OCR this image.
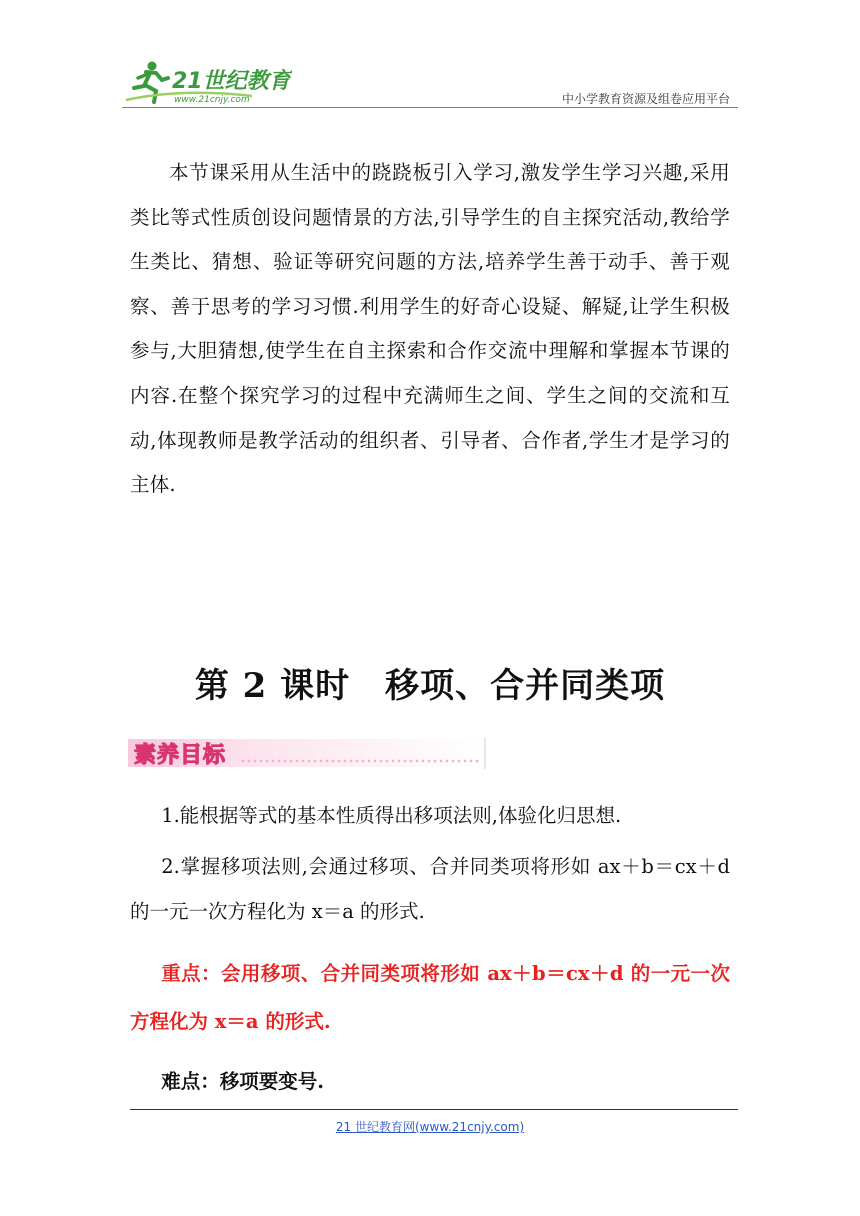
21世纪教育
www.21cnjy.com	中小学教育资源及组卷应用平台
本节课采用从生活中的跷跷板引入学习,激发学生学习兴趣,采用类比等式性质创设问题情景的方法,引导学生的自主探究活动,教给学生类比、猜想、验证等研究问题的方法,培养学生善于动手、善于观察、善于思考的学习习惯.利用学生的好奇心设疑、解疑,让学生积极参与,大胆猜想,使学生在自主探索和合作交流中理解和掌握本节课的内容.在整个探究学习的过程中充满师生之间、学生之间的交流和互动,体现教师是教学活动的组织者、引导者、合作者,学生才是学习的主体.
第 2 课时　移项、合并同类项
素养目标
1.能根据等式的基本性质得出移项法则,体验化归思想.
2.掌握移项法则,会通过移项、合并同类项将形如 ax＋b＝cx＋d 的一元一次方程化为 x＝a 的形式.
重点：会用移项、合并同类项将形如 ax＋b＝cx＋d 的一元一次方程化为 x＝a 的形式.
难点：移项要变号.
21 世纪教育网(www.21cnjy.com)
